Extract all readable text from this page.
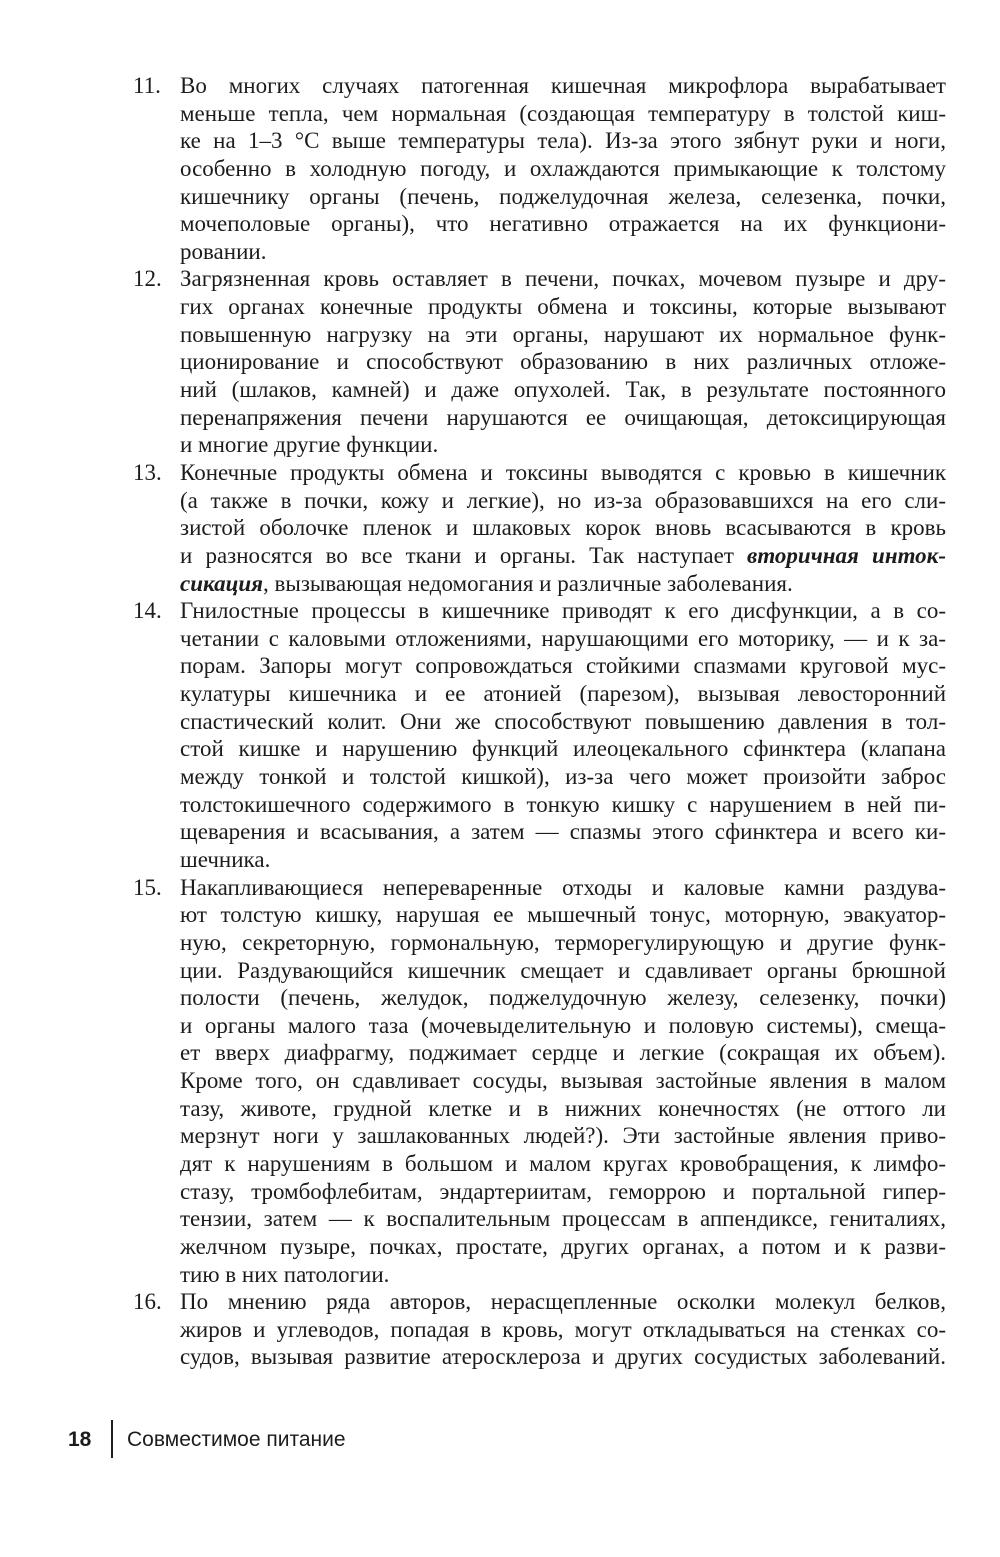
11. Во многих случаях патогенная кишечная микрофлора вырабатывает
меньше тепла, чем нормальная (создающая температуру в толстой киш-
ке на 1–3 °С выше температуры тела). Из-за этого зябнут руки и ноги,
особенно в холодную погоду, и охлаждаются примыкающие к толстому
кишечнику органы (печень, поджелудочная железа, селезенка, почки,
мочеполовые органы), что негативно отражается на их функциони-
ровании.
12. Загрязненная кровь оставляет в печени, почках, мочевом пузыре и дру-
гих органах конечные продукты обмена и токсины, которые вызывают
повышенную нагрузку на эти органы, нарушают их нормальное функ-
ционирование и способствуют образованию в них различных отложе-
ний (шлаков, камней) и даже опухолей. Так, в результате постоянного
перенапряжения печени нарушаются ее очищающая, детоксицирующая
и многие другие функции.
13. Конечные продукты обмена и токсины выводятся с кровью в кишечник
(а также в почки, кожу и легкие), но из-за образовавшихся на его сли-
зистой оболочке пленок и шлаковых корок вновь всасываются в кровь
и разносятся во все ткани и органы. Так наступает вторичная инток-
сикация, вызывающая недомогания и различные заболевания.
14. Гнилостные процессы в кишечнике приводят к его дисфункции, а в со-
четании с каловыми отложениями, нарушающими его моторику, — и к за-
порам. Запоры могут сопровождаться стойкими спазмами круговой мус-
кулатуры кишечника и ее атонией (парезом), вызывая левосторонний
спастический колит. Они же способствуют повышению давления в тол-
стой кишке и нарушению функций илеоцекального сфинктера (клапана
между тонкой и толстой кишкой), из-за чего может произойти заброс
толстокишечного содержимого в тонкую кишку с нарушением в ней пи-
щеварения и всасывания, а затем — спазмы этого сфинктера и всего ки-
шечника.
15. Накапливающиеся непереваренные отходы и каловые камни раздува-
ют толстую кишку, нарушая ее мышечный тонус, моторную, эвакуатор-
ную, секреторную, гормональную, терморегулирующую и другие функ-
ции. Раздувающийся кишечник смещает и сдавливает органы брюшной
полости (печень, желудок, поджелудочную железу, селезенку, почки)
и органы малого таза (мочевыделительную и половую системы), смеща-
ет вверх диафрагму, поджимает сердце и легкие (сокращая их объем).
Кроме того, он сдавливает сосуды, вызывая застойные явления в малом
тазу, животе, грудной клетке и в нижних конечностях (не оттого ли
мерзнут ноги у зашлакованных людей?). Эти застойные явления приво-
дят к нарушениям в большом и малом кругах кровобращения, к лимфо-
стазу, тромбофлебитам, эндартериитам, геморрою и портальной гипер-
тензии, затем — к воспалительным процессам в аппендиксе, гениталиях,
желчном пузыре, почках, простате, других органах, а потом и к разви-
тию в них патологии.
16. По мнению ряда авторов, нерасщепленные осколки молекул белков,
жиров и углеводов, попадая в кровь, могут откладываться на стенках со-
судов, вызывая развитие атеросклероза и других сосудистых заболеваний.
18 Совместимое питание
